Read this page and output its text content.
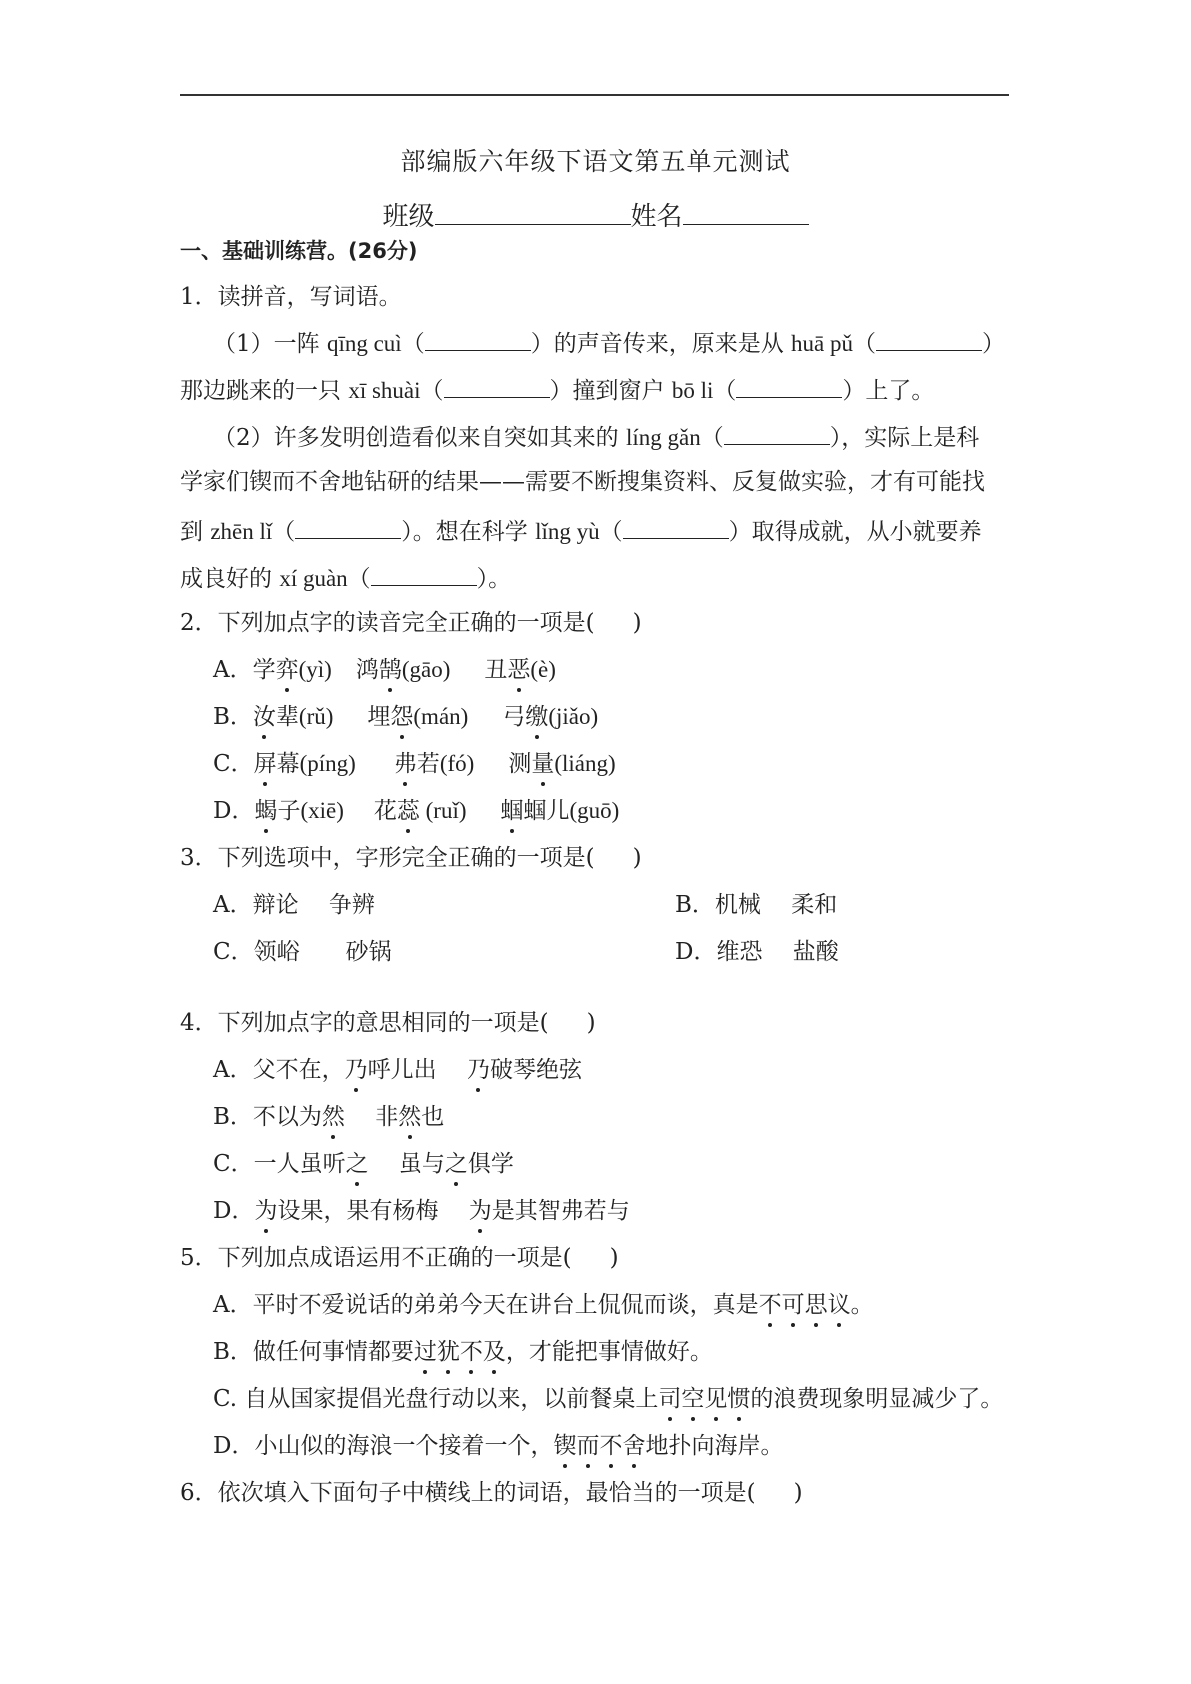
部编版六年级下语文第五单元测试
班级	姓名
一、基础训练营。(26分)
1．读拼音，写词语。
（1）一阵 qīng cuì（	）的声音传来，原来是从 huā pǔ（	）
那边跳来的一只 xī shuài（	）撞到窗户 bō li（	）上了。
（2）许多发明创造看似来自突如其来的 líng gǎn（	），实际上是科
学家们锲而不舍地钻研的结果——需要不断搜集资料、反复做实验，才有可能找
到 zhēn lǐ（	）。想在科学 lǐng yù（	）取得成就，从小就要养
成良好的 xí guàn（	）。
2．下列加点字的读音完全正确的一项是( )
A．学弈(yì) 鸿鹄(gāo) 丑恶(è)
B．汝辈(rǔ) 埋怨(mán) 弓缴(jiǎo)
C．屏幕(píng) 弗若(fó) 测量(liáng)
D．蝎子(xiē) 花蕊 (ruǐ) 蝈蝈儿(guō)
3．下列选项中，字形完全正确的一项是( )
A．辩论　 争辨	B．机械　 柔和
C．领峪　　砂锅	D．维恐　 盐酸
4．下列加点字的意思相同的一项是( )
A．父不在，乃呼儿出　 乃破琴绝弦
B．不以为然　 非然也
C．一人虽听之　 虽与之俱学
D．为设果，果有杨梅　 为是其智弗若与
5．下列加点成语运用不正确的一项是( )
A．平时不爱说话的弟弟今天在讲台上侃侃而谈，真是不可思议。
B．做任何事情都要过犹不及，才能把事情做好。
C. 自从国家提倡光盘行动以来，以前餐桌上司空见惯的浪费现象明显减少了。
D．小山似的海浪一个接着一个，锲而不舍地扑向海岸。
6．依次填入下面句子中横线上的词语，最恰当的一项是( )
